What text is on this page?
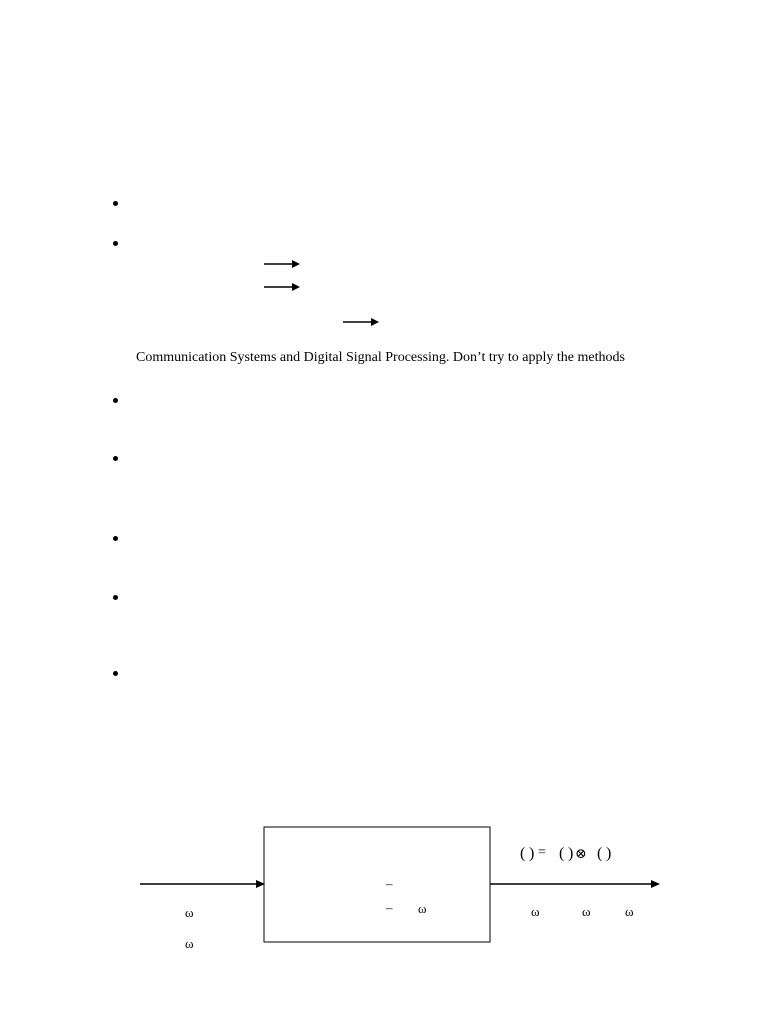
Communication Systems and Digital Signal Processing. Don’t try to apply the methods
( ) = ( ) ⊗ ( )
–
– ω
ω
ω
ω	ω	ω
